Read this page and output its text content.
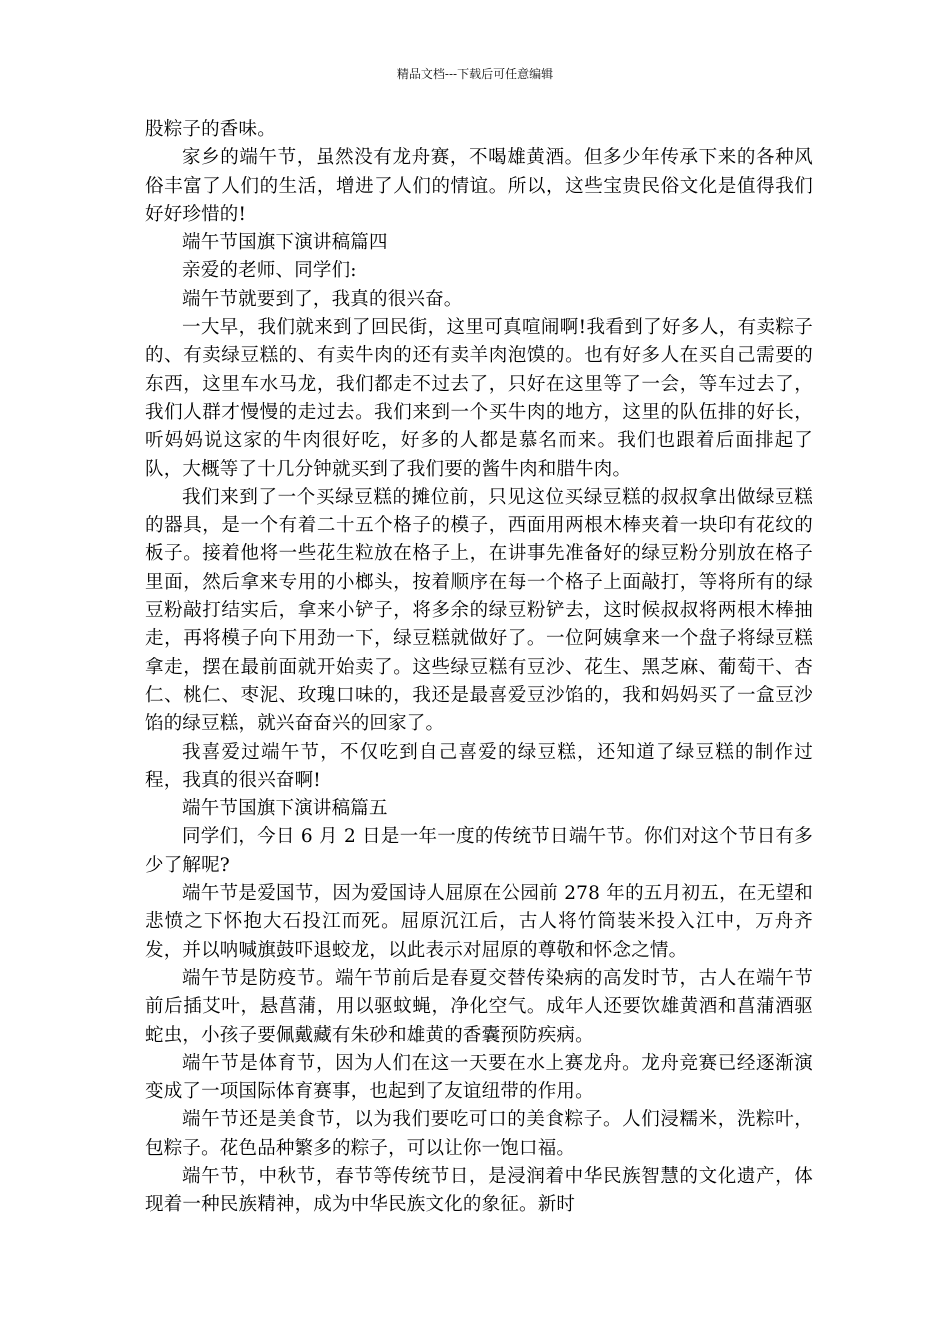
精品文档---下载后可任意编辑

股粽子的香味。

家乡的端午节，虽然没有龙舟赛，不喝雄黄酒。但多少年传承下来的各种风俗丰富了人们的生活，增进了人们的情谊。所以，这些宝贵民俗文化是值得我们好好珍惜的!

端午节国旗下演讲稿篇四

亲爱的老师、同学们:

端午节就要到了，我真的很兴奋。

一大早，我们就来到了回民街，这里可真喧闹啊!我看到了好多人，有卖粽子的、有卖绿豆糕的、有卖牛肉的还有卖羊肉泡馍的。也有好多人在买自己需要的东西，这里车水马龙，我们都走不过去了，只好在这里等了一会，等车过去了，我们人群才慢慢的走过去。我们来到一个买牛肉的地方，这里的队伍排的好长，听妈妈说这家的牛肉很好吃，好多的人都是慕名而来。我们也跟着后面排起了队，大概等了十几分钟就买到了我们要的酱牛肉和腊牛肉。

我们来到了一个买绿豆糕的摊位前，只见这位买绿豆糕的叔叔拿出做绿豆糕的器具，是一个有着二十五个格子的模子，西面用两根木棒夹着一块印有花纹的板子。接着他将一些花生粒放在格子上，在讲事先准备好的绿豆粉分别放在格子里面，然后拿来专用的小榔头，按着顺序在每一个格子上面敲打，等将所有的绿豆粉敲打结实后，拿来小铲子，将多余的绿豆粉铲去，这时候叔叔将两根木棒抽走，再将模子向下用劲一下，绿豆糕就做好了。一位阿姨拿来一个盘子将绿豆糕拿走，摆在最前面就开始卖了。这些绿豆糕有豆沙、花生、黑芝麻、葡萄干、杏仁、桃仁、枣泥、玫瑰口味的，我还是最喜爱豆沙馅的，我和妈妈买了一盒豆沙馅的绿豆糕，就兴奋奋兴的回家了。

我喜爱过端午节，不仅吃到自己喜爱的绿豆糕，还知道了绿豆糕的制作过程，我真的很兴奋啊!

端午节国旗下演讲稿篇五

同学们，今日 6 月 2 日是一年一度的传统节日端午节。你们对这个节日有多少了解呢?

端午节是爱国节，因为爱国诗人屈原在公园前 278 年的五月初五，在无望和悲愤之下怀抱大石投江而死。屈原沉江后，古人将竹筒装米投入江中，万舟齐发，并以呐喊旗鼓吓退蛟龙，以此表示对屈原的尊敬和怀念之情。

端午节是防疫节。端午节前后是春夏交替传染病的高发时节，古人在端午节前后插艾叶，悬菖蒲，用以驱蚊蝇，净化空气。成年人还要饮雄黄酒和菖蒲酒驱蛇虫，小孩子要佩戴藏有朱砂和雄黄的香囊预防疾病。

端午节是体育节，因为人们在这一天要在水上赛龙舟。龙舟竞赛已经逐渐演变成了一项国际体育赛事，也起到了友谊纽带的作用。

端午节还是美食节，以为我们要吃可口的美食粽子。人们浸糯米，洗粽叶，包粽子。花色品种繁多的粽子，可以让你一饱口福。

端午节，中秋节，春节等传统节日，是浸润着中华民族智慧的文化遗产，体现着一种民族精神，成为中华民族文化的象征。新时
